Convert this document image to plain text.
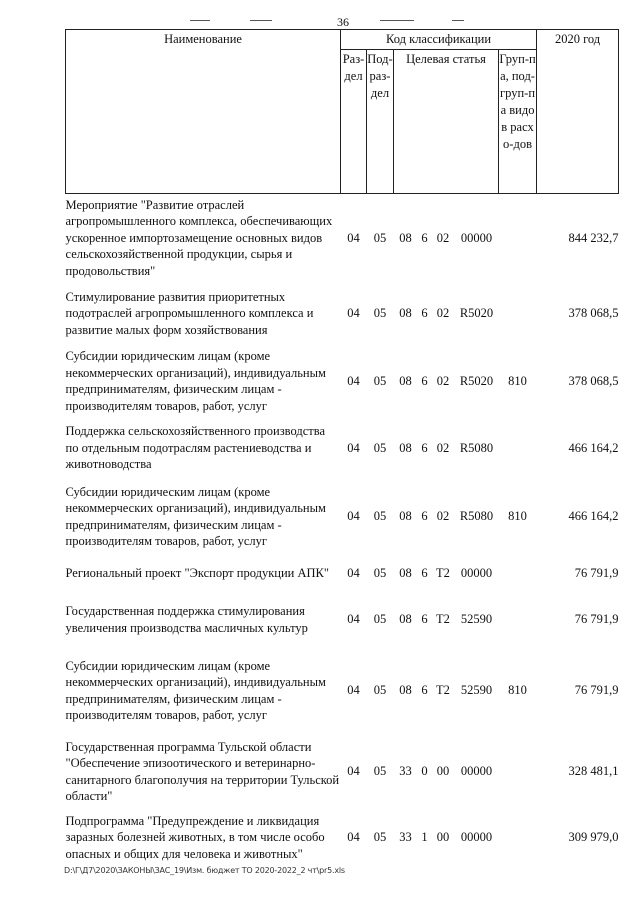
36
Наименование	Код классификации							2020 год
	Раз-дел	Под-раз-дел	Целевая статья				Груп-па, под-груп-па видов расхо-дов	
Мероприятие "Развитие отраслей агропромышленного комплекса, обеспечивающих ускоренное импортозамещение основных видов сельскохозяйственной продукции, сырья и продовольствия"	04	05	08	6	02	00000		844 232,7
Стимулирование развития приоритетных подотраслей агропромышленного комплекса и развитие малых форм хозяйствования	04	05	08	6	02	R5020		378 068,5
Субсидии юридическим лицам (кроме некоммерческих организаций), индивидуальным предпринимателям, физическим лицам - производителям товаров, работ, услуг	04	05	08	6	02	R5020	810	378 068,5
Поддержка сельскохозяйственного производства по отдельным подотраслям растениеводства и животноводства	04	05	08	6	02	R5080		466 164,2
Субсидии юридическим лицам (кроме некоммерческих организаций), индивидуальным предпринимателям, физическим лицам - производителям товаров, работ, услуг	04	05	08	6	02	R5080	810	466 164,2
Региональный проект "Экспорт продукции АПК"	04	05	08	6	T2	00000		76 791,9
Государственная поддержка стимулирования увеличения производства масличных культур	04	05	08	6	T2	52590		76 791,9
Субсидии юридическим лицам (кроме некоммерческих организаций), индивидуальным предпринимателям, физическим лицам - производителям товаров, работ, услуг	04	05	08	6	T2	52590	810	76 791,9
Государственная программа Тульской области "Обеспечение эпизоотического и ветеринарно-санитарного благополучия на территории Тульской области"	04	05	33	0	00	00000		328 481,1
Подпрограмма "Предупреждение и ликвидация заразных болезней животных, в том числе особо опасных и общих для человека и животных"	04	05	33	1	00	00000		309 979,0
D:\Г\Д7\2020\ЗАКОНЫ\ЗАС_19\Изм. бюджет ТО 2020-2022_2 чт\pr5.xls
